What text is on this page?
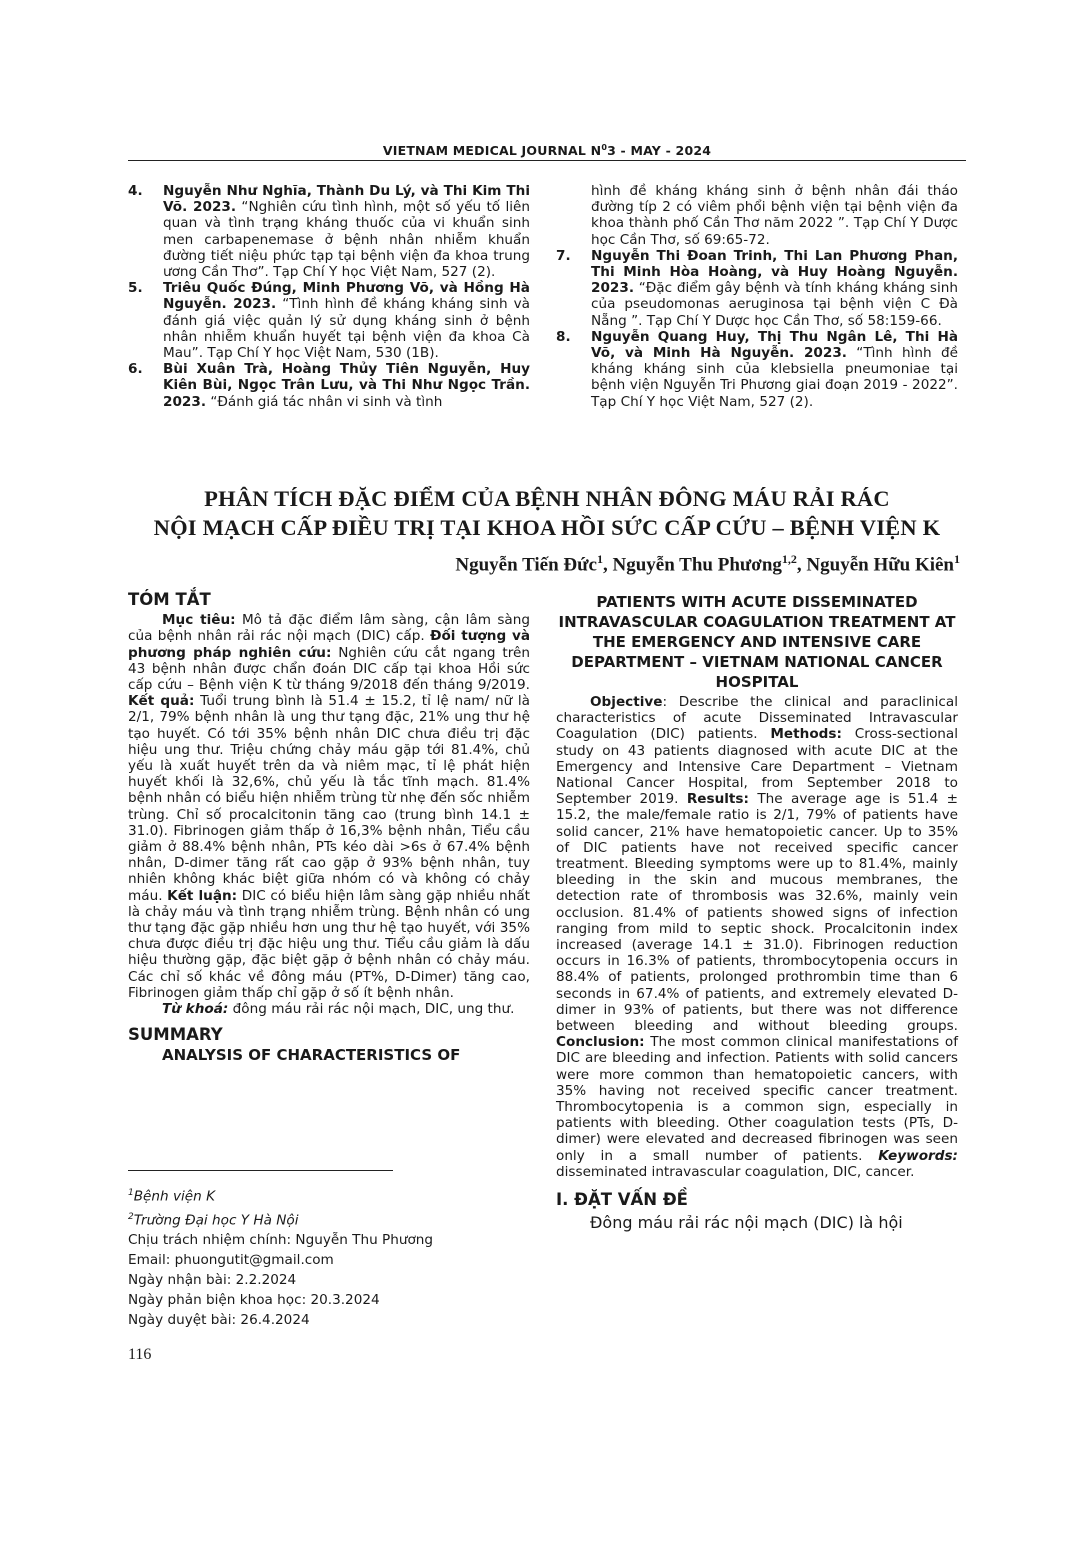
VIETNAM MEDICAL JOURNAL $N^03$ - MAY - 2024
4. Nguyễn Như Nghĩa, Thành Du Lý, và Thi Kim Thi Võ. 2023. “Nghiên cứu tình hình, một số yếu tố liên quan và tình trạng kháng thuốc của vi khuẩn sinh men carbapenemase ở bệnh nhân nhiễm khuẩn đường tiết niệu phức tạp tại bệnh viện đa khoa trung ương Cần Thơ”. Tạp Chí Y học Việt Nam, 527 (2).
5. Triêu Quốc Đúng, Minh Phương Võ, và Hồng Hà Nguyễn. 2023. “Tình hình đề kháng kháng sinh và đánh giá việc quản lý sử dụng kháng sinh ở bệnh nhân nhiễm khuẩn huyết tại bệnh viện đa khoa Cà Mau”. Tạp Chí Y học Việt Nam, 530 (1B).
6. Bùi Xuân Trà, Hoàng Thủy Tiên Nguyễn, Huy Kiên Bùi, Ngọc Trân Lưu, và Thi Như Ngọc Trần. 2023. “Đánh giá tác nhân vi sinh và tình
hình đề kháng kháng sinh ở bệnh nhân đái tháo đường típ 2 có viêm phổi bệnh viện tại bệnh viện đa khoa thành phố Cần Thơ năm 2022 ”. Tạp Chí Y Dược học Cần Thơ, số 69:65-72.
7. Nguyễn Thi Đoan Trinh, Thi Lan Phương Phan, Thi Minh Hòa Hoàng, và Huy Hoàng Nguyễn. 2023. “Đặc điểm gây bệnh và tính kháng kháng sinh của pseudomonas aeruginosa tại bệnh viện C Đà Nẵng ”. Tạp Chí Y Dược học Cần Thơ, số 58:159-66.
8. Nguyễn Quang Huy, Thị Thu Ngân Lê, Thi Hà Võ, và Minh Hà Nguyễn. 2023. “Tình hình đề kháng kháng sinh của klebsiella pneumoniae tại bệnh viện Nguyễn Tri Phương giai đoạn 2019 - 2022”. Tạp Chí Y học Việt Nam, 527 (2).
PHÂN TÍCH ĐẶC ĐIỂM CỦA BỆNH NHÂN ĐÔNG MÁU RẢI RÁC
NỘI MẠCH CẤP ĐIỀU TRỊ TẠI KHOA HỒI SỨC CẤP CỨU – BỆNH VIỆN K
Nguyễn Tiến Đức$^1$, Nguyễn Thu Phương$^{1,2}$, Nguyễn Hữu Kiên$^1$
TÓM TẮT

Mục tiêu: Mô tả đặc điểm lâm sàng, cận lâm sàng của bệnh nhân rải rác nội mạch (DIC) cấp. Đối tượng và phương pháp nghiên cứu: Nghiên cứu cắt ngang trên 43 bệnh nhân được chẩn đoán DIC cấp tại khoa Hồi sức cấp cứu – Bệnh viện K từ tháng 9/2018 đến tháng 9/2019. Kết quả: Tuổi trung bình là 51.4 ± 15.2, tỉ lệ nam/ nữ là 2/1, 79% bệnh nhân là ung thư tạng đặc, 21% ung thư hệ tạo huyết. Có tới 35% bệnh nhân DIC chưa điều trị đặc hiệu ung thư. Triệu chứng chảy máu gặp tới 81.4%, chủ yếu là xuất huyết trên da và niêm mạc, tỉ lệ phát hiện huyết khối là 32,6%, chủ yếu là tắc tĩnh mạch. 81.4% bệnh nhân có biểu hiện nhiễm trùng từ nhẹ đến sốc nhiễm trùng. Chỉ số procalcitonin tăng cao (trung bình 14.1 ± 31.0). Fibrinogen giảm thấp ở 16,3% bệnh nhân, Tiểu cầu giảm ở 88.4% bệnh nhân, PTs kéo dài >6s ở 67.4% bệnh nhân, D-dimer tăng rất cao gặp ở 93% bệnh nhân, tuy nhiên không khác biệt giữa nhóm có và không có chảy máu. Kết luận: DIC có biểu hiện lâm sàng gặp nhiều nhất là chảy máu và tình trạng nhiễm trùng. Bệnh nhân có ung thư tạng đặc gặp nhiều hơn ung thư hệ tạo huyết, với 35% chưa được điều trị đặc hiệu ung thư. Tiểu cầu giảm là dấu hiệu thường gặp, đặc biệt gặp ở bệnh nhân có chảy máu. Các chỉ số khác về đông máu (PT%, D-Dimer) tăng cao, Fibrinogen giảm thấp chỉ gặp ở số ít bệnh nhân.

Từ khoá: đông máu rải rác nội mạch, DIC, ung thư.

SUMMARY
ANALYSIS OF CHARACTERISTICS OF
PATIENTS WITH ACUTE DISSEMINATED INTRAVASCULAR COAGULATION TREATMENT AT THE EMERGENCY AND INTENSIVE CARE DEPARTMENT – VIETNAM NATIONAL CANCER HOSPITAL

Objective: Describe the clinical and paraclinical characteristics of acute Disseminated Intravascular Coagulation (DIC) patients. Methods: Cross-sectional study on 43 patients diagnosed with acute DIC at the Emergency and Intensive Care Department – Vietnam National Cancer Hospital, from September 2018 to September 2019. Results: The average age is 51.4 ± 15.2, the male/female ratio is 2/1, 79% of patients have solid cancer, 21% have hematopoietic cancer. Up to 35% of DIC patients have not received specific cancer treatment. Bleeding symptoms were up to 81.4%, mainly bleeding in the skin and mucous membranes, the detection rate of thrombosis was 32.6%, mainly vein occlusion. 81.4% of patients showed signs of infection ranging from mild to septic shock. Procalcitonin index increased (average 14.1 ± 31.0). Fibrinogen reduction occurs in 16.3% of patients, thrombocytopenia occurs in 88.4% of patients, prolonged prothrombin time than 6 seconds in 67.4% of patients, and extremely elevated D-dimer in 93% of patients, but there was not difference between bleeding and without bleeding groups. Conclusion: The most common clinical manifestations of DIC are bleeding and infection. Patients with solid cancers were more common than hematopoietic cancers, with 35% having not received specific cancer treatment. Thrombocytopenia is a common sign, especially in patients with bleeding. Other coagulation tests (PTs, D-dimer) were elevated and decreased fibrinogen was seen only in a small number of patients. Keywords: disseminated intravascular coagulation, DIC, cancer.

I. ĐẶT VẤN ĐỀ

Đông máu rải rác nội mạch (DIC) là hội

$^1$Bệnh viện K
$^2$Trường Đại học Y Hà Nội
Chịu trách nhiệm chính: Nguyễn Thu Phương
Email: phuongutit@gmail.com
Ngày nhận bài: 2.2.2024
Ngày phản biện khoa học: 20.3.2024
Ngày duyệt bài: 26.4.2024
116
